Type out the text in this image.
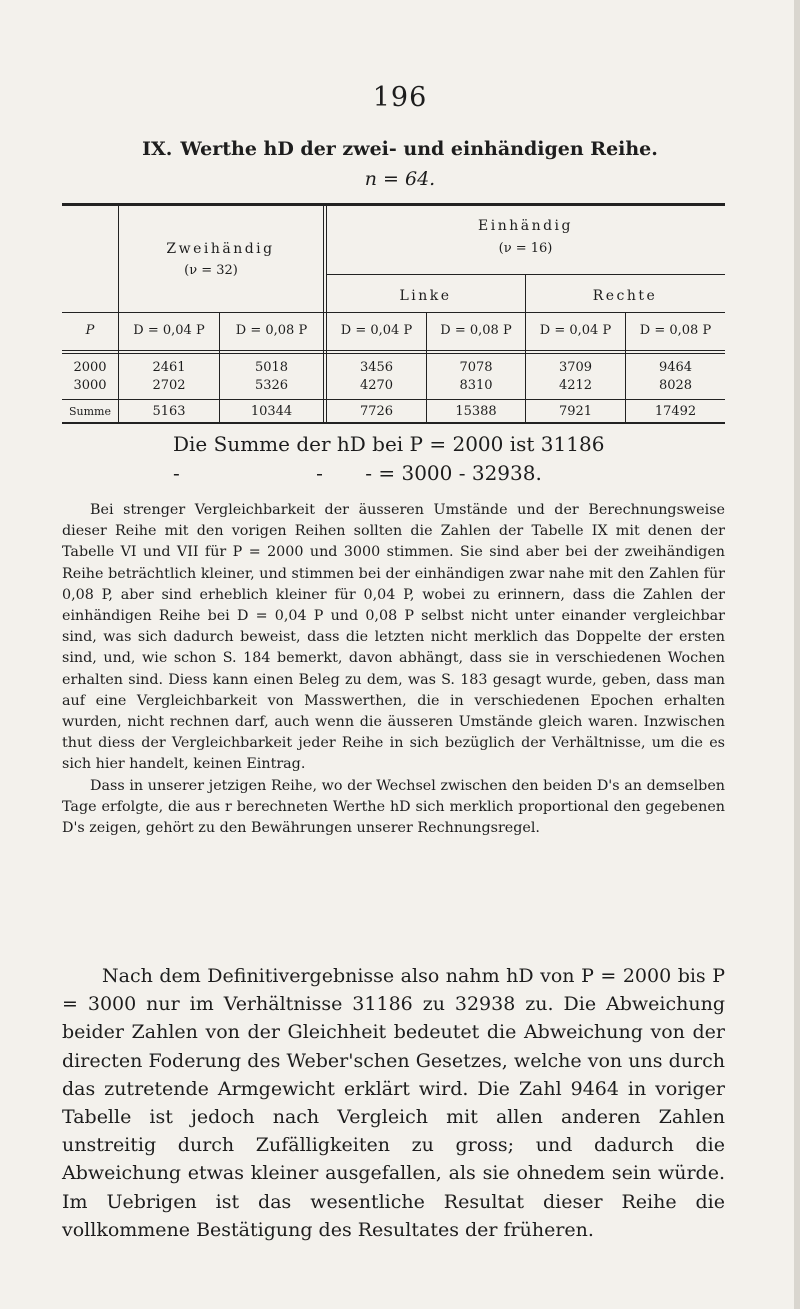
196
IX. Werthe hD der zwei- und einhändigen Reihe.
n = 64.
Zweihändig
(ν = 32)
Einhändig
(ν = 16)
Linke	Rechte
P	D = 0,04 P	D = 0,08 P	D = 0,04 P	D = 0,08 P	D = 0,04 P	D = 0,08 P
2000	2461	5018	3456	7078	3709	9464
3000	2702	5326	4270	8310	4212	8028
Summe	5163	10344	7726	15388	7921	17492
Die Summe der hD bei P = 2000 ist 31186
-	- - = 3000 - 32938.

Bei strenger Vergleichbarkeit der äusseren Umstände und der Berechnungsweise dieser Reihe mit den vorigen Reihen sollten die Zahlen der Tabelle IX mit denen der Tabelle VI und VII für P = 2000 und 3000 stimmen. Sie sind aber bei der zweihändigen Reihe beträchtlich kleiner, und stimmen bei der einhändigen zwar nahe mit den Zahlen für 0,08 P, aber sind erheblich kleiner für 0,04 P, wobei zu erinnern, dass die Zahlen der einhändigen Reihe bei D = 0,04 P und 0,08 P selbst nicht unter einander vergleichbar sind, was sich dadurch beweist, dass die letzten nicht merklich das Doppelte der ersten sind, und, wie schon S. 184 bemerkt, davon abhängt, dass sie in verschiedenen Wochen erhalten sind. Diess kann einen Beleg zu dem, was S. 183 gesagt wurde, geben, dass man auf eine Vergleichbarkeit von Masswerthen, die in verschiedenen Epochen erhalten wurden, nicht rechnen darf, auch wenn die äusseren Umstände gleich waren. Inzwischen thut diess der Vergleichbarkeit jeder Reihe in sich bezüglich der Verhältnisse, um die es sich hier handelt, keinen Eintrag.

Dass in unserer jetzigen Reihe, wo der Wechsel zwischen den beiden D's an demselben Tage erfolgte, die aus r berechneten Werthe hD sich merklich proportional den gegebenen D's zeigen, gehört zu den Bewährungen unserer Rechnungsregel.

Nach dem Definitivergebnisse also nahm hD von P = 2000 bis P = 3000 nur im Verhältnisse 31186 zu 32938 zu. Die Abweichung beider Zahlen von der Gleichheit bedeutet die Abweichung von der directen Foderung des Weber'schen Gesetzes, welche von uns durch das zutretende Armgewicht erklärt wird. Die Zahl 9464 in voriger Tabelle ist jedoch nach Vergleich mit allen anderen Zahlen unstreitig durch Zufälligkeiten zu gross; und dadurch die Abweichung etwas kleiner ausgefallen, als sie ohnedem sein würde. Im Uebrigen ist das wesentliche Resultat dieser Reihe die vollkommene Bestätigung des Resultates der früheren.
